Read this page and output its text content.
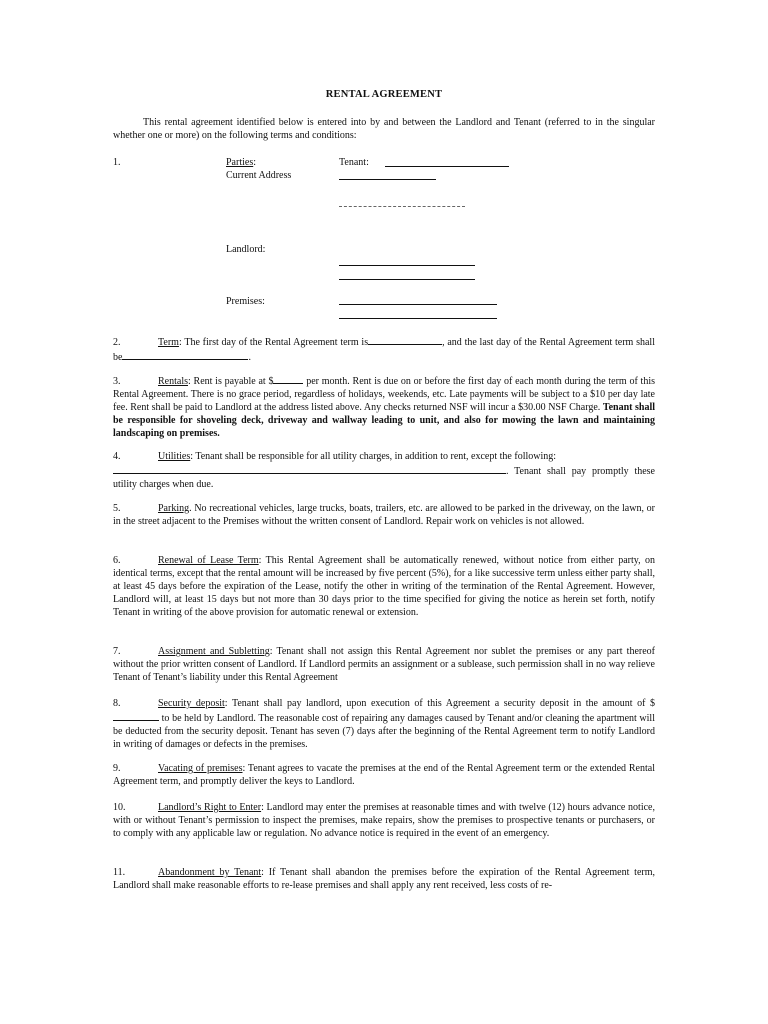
RENTAL AGREEMENT
This rental agreement identified below is entered into by and between the Landlord and Tenant (referred to in the singular whether one or more) on the following terms and conditions:
1.	Parties:
Current Address
Tenant:
Landlord:
Premises:
2.	Term: The first day of the Rental Agreement term is	, and the last day of the Rental Agreement term shall be	.
3.	Rentals: Rent is payable at $	per month. Rent is due on or before the first day of each month during the term of this Rental Agreement. There is no grace period, regardless of holidays, weekends, etc. Late payments will be subject to a $10 per day late fee. Rent shall be paid to Landlord at the address listed above. Any checks returned NSF will incur a $30.00 NSF Charge. Tenant shall be responsible for shoveling deck, driveway and wallway leading to unit, and also for mowing the lawn and maintaining landscaping on premises.
4.	Utilities: Tenant shall be responsible for all utility charges, in addition to rent, except the following:
. Tenant shall pay promptly these utility charges when due.
5.	Parking. No recreational vehicles, large trucks, boats, trailers, etc. are allowed to be parked in the driveway, on the lawn, or in the street adjacent to the Premises without the written consent of Landlord. Repair work on vehicles is not allowed.
6.	Renewal of Lease Term: This Rental Agreement shall be automatically renewed, without notice from either party, on identical terms, except that the rental amount will be increased by five percent (5%), for a like successive term unless either party shall, at least 45 days before the expiration of the Lease, notify the other in writing of the termination of the Rental Agreement. However, Landlord will, at least 15 days but not more than 30 days prior to the time specified for giving the notice as herein set forth, notify Tenant in writing of the above provision for automatic renewal or extension.
7.	Assignment and Subletting: Tenant shall not assign this Rental Agreement nor sublet the premises or any part thereof without the prior written consent of Landlord. If Landlord permits an assignment or a sublease, such permission shall in no way relieve Tenant of Tenant’s liability under this Rental Agreement
8.	Security deposit: Tenant shall pay landlord, upon execution of this Agreement a security deposit in the amount of $ to be held by Landlord. The reasonable cost of repairing any damages caused by Tenant and/or cleaning the apartment will be deducted from the security deposit. Tenant has seven (7) days after the beginning of the Rental Agreement term to notify Landlord in writing of damages or defects in the premises.
9.	Vacating of premises: Tenant agrees to vacate the premises at the end of the Rental Agreement term or the extended Rental Agreement term, and promptly deliver the keys to Landlord.
10.	Landlord’s Right to Enter: Landlord may enter the premises at reasonable times and with twelve (12) hours advance notice, with or without Tenant’s permission to inspect the premises, make repairs, show the premises to prospective tenants or purchasers, or to comply with any applicable law or regulation. No advance notice is required in the event of an emergency.
11.	Abandonment by Tenant: If Tenant shall abandon the premises before the expiration of the Rental Agreement term, Landlord shall make reasonable efforts to re-lease premises and shall apply any rent received, less costs of re-
